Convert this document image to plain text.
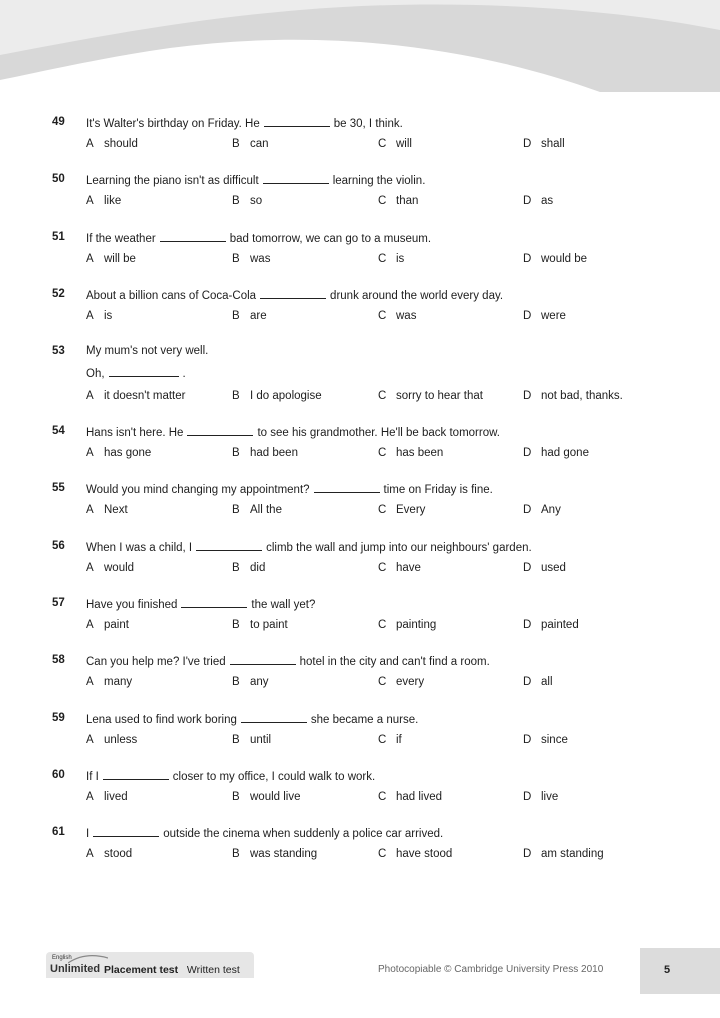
49 It's Walter's birthday on Friday. He	be 30, I think.
A should	B can	C will	D shall
50 Learning the piano isn't as difficult	learning the violin.
A like	B so	C than	D as
51 If the weather	bad tomorrow, we can go to a museum.
A will be	B was	C is	D would be
52 About a billion cans of Coca-Cola	drunk around the world every day.
A is	B are	C was	D were
53 My mum's not very well.
Oh,	.
A it doesn't matter	B I do apologise	C sorry to hear that	D not bad, thanks.
54 Hans isn't here. He	to see his grandmother. He'll be back tomorrow.
A has gone	B had been	C has been	D had gone
55 Would you mind changing my appointment?	time on Friday is fine.
A Next	B All the	C Every	D Any
56 When I was a child, I	climb the wall and jump into our neighbours' garden.
A would	B did	C have	D used
57 Have you finished	the wall yet?
A paint	B to paint	C painting	D painted
58 Can you help me? I've tried	hotel in the city and can't find a room.
A many	B any	C every	D all
59 Lena used to find work boring	she became a nurse.
A unless	B until	C if	D since
60 If I	closer to my office, I could walk to work.
A lived	B would live	C had lived	D live
61 I	outside the cinema when suddenly a police car arrived.
A stood	B was standing	C have stood	D am standing
English
Unlimited Placement test Written test	Photocopiable © Cambridge University Press 2010	5
